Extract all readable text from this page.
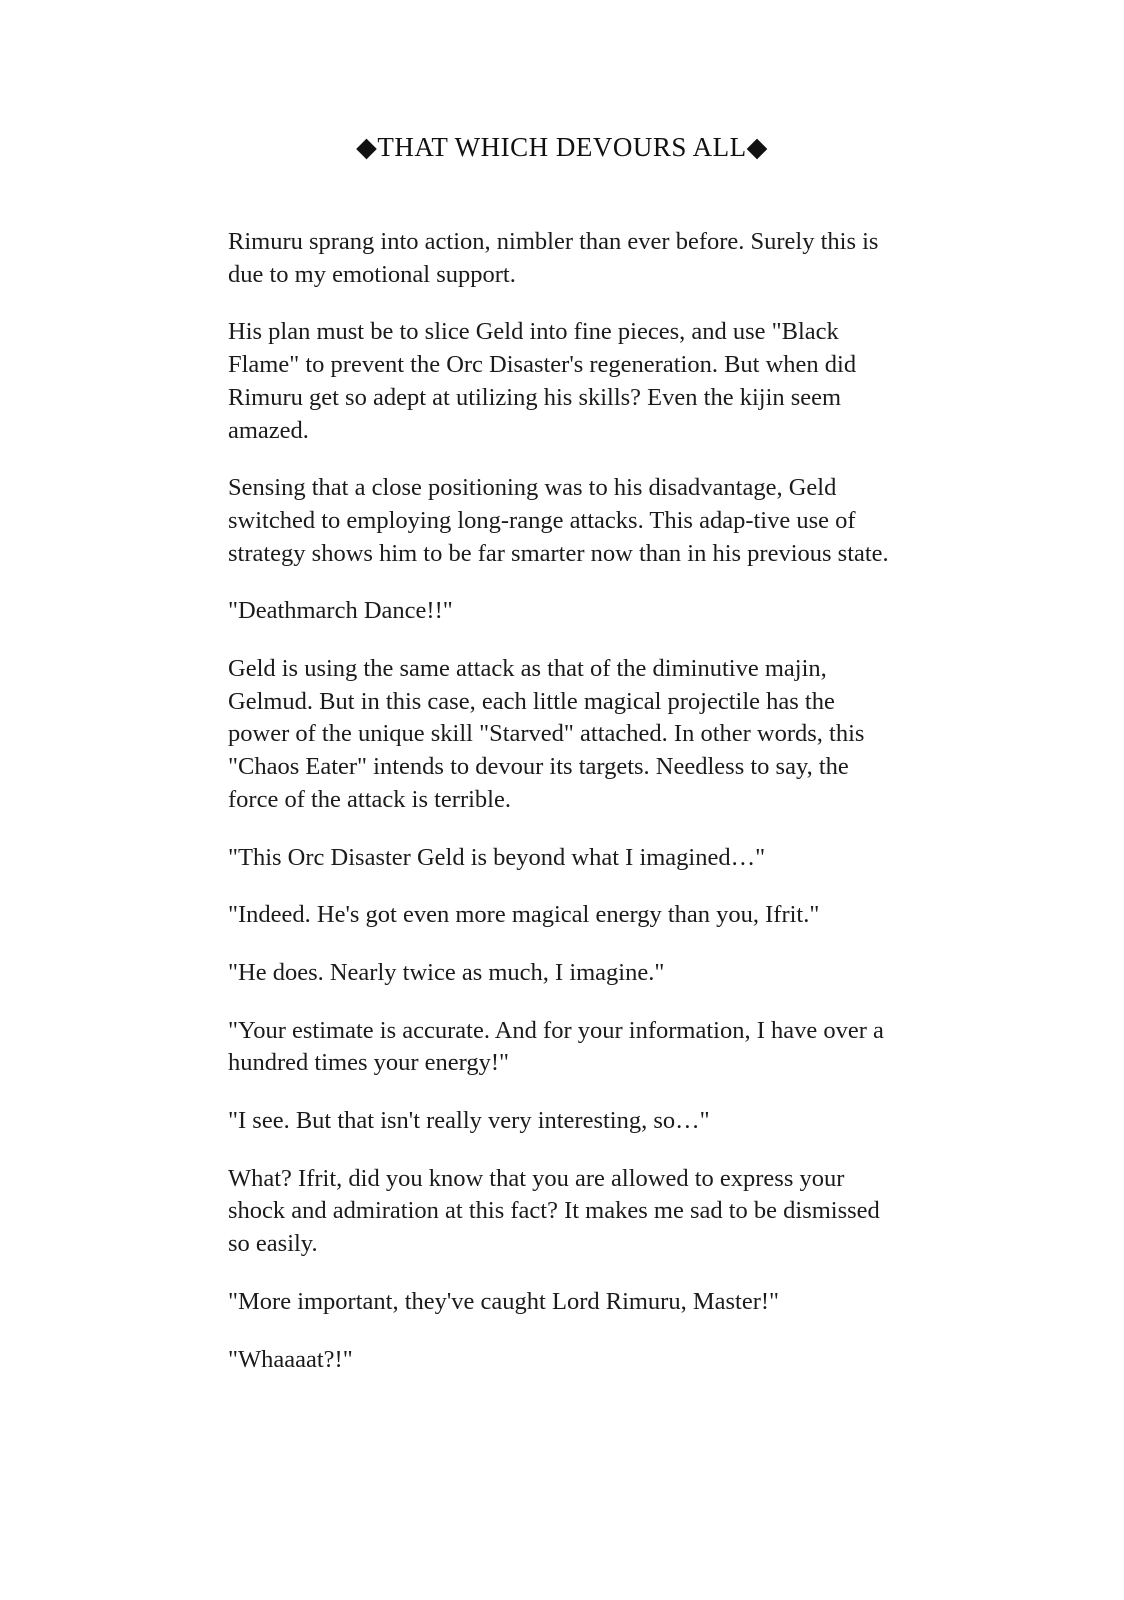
◆THAT WHICH DEVOURS ALL◆

Rimuru sprang into action, nimbler than ever before. Surely this is due to my emotional support.

His plan must be to slice Geld into fine pieces, and use "Black Flame" to prevent the Orc Disaster's regeneration. But when did Rimuru get so adept at utilizing his skills? Even the kijin seem amazed.

Sensing that a close positioning was to his disadvantage, Geld switched to employing long-range attacks. This adap-tive use of strategy shows him to be far smarter now than in his previous state.

"Deathmarch Dance!!"

Geld is using the same attack as that of the diminutive majin, Gelmud. But in this case, each little magical projectile has the power of the unique skill "Starved" attached. In other words, this "Chaos Eater" intends to devour its targets. Needless to say, the force of the attack is terrible.

"This Orc Disaster Geld is beyond what I imagined…"

"Indeed. He's got even more magical energy than you, Ifrit."

"He does. Nearly twice as much, I imagine."

"Your estimate is accurate. And for your information, I have over a hundred times your energy!"

"I see. But that isn't really very interesting, so…"

What? Ifrit, did you know that you are allowed to express your shock and admiration at this fact? It makes me sad to be dismissed so easily.

"More important, they've caught Lord Rimuru, Master!"

"Whaaaat?!"
